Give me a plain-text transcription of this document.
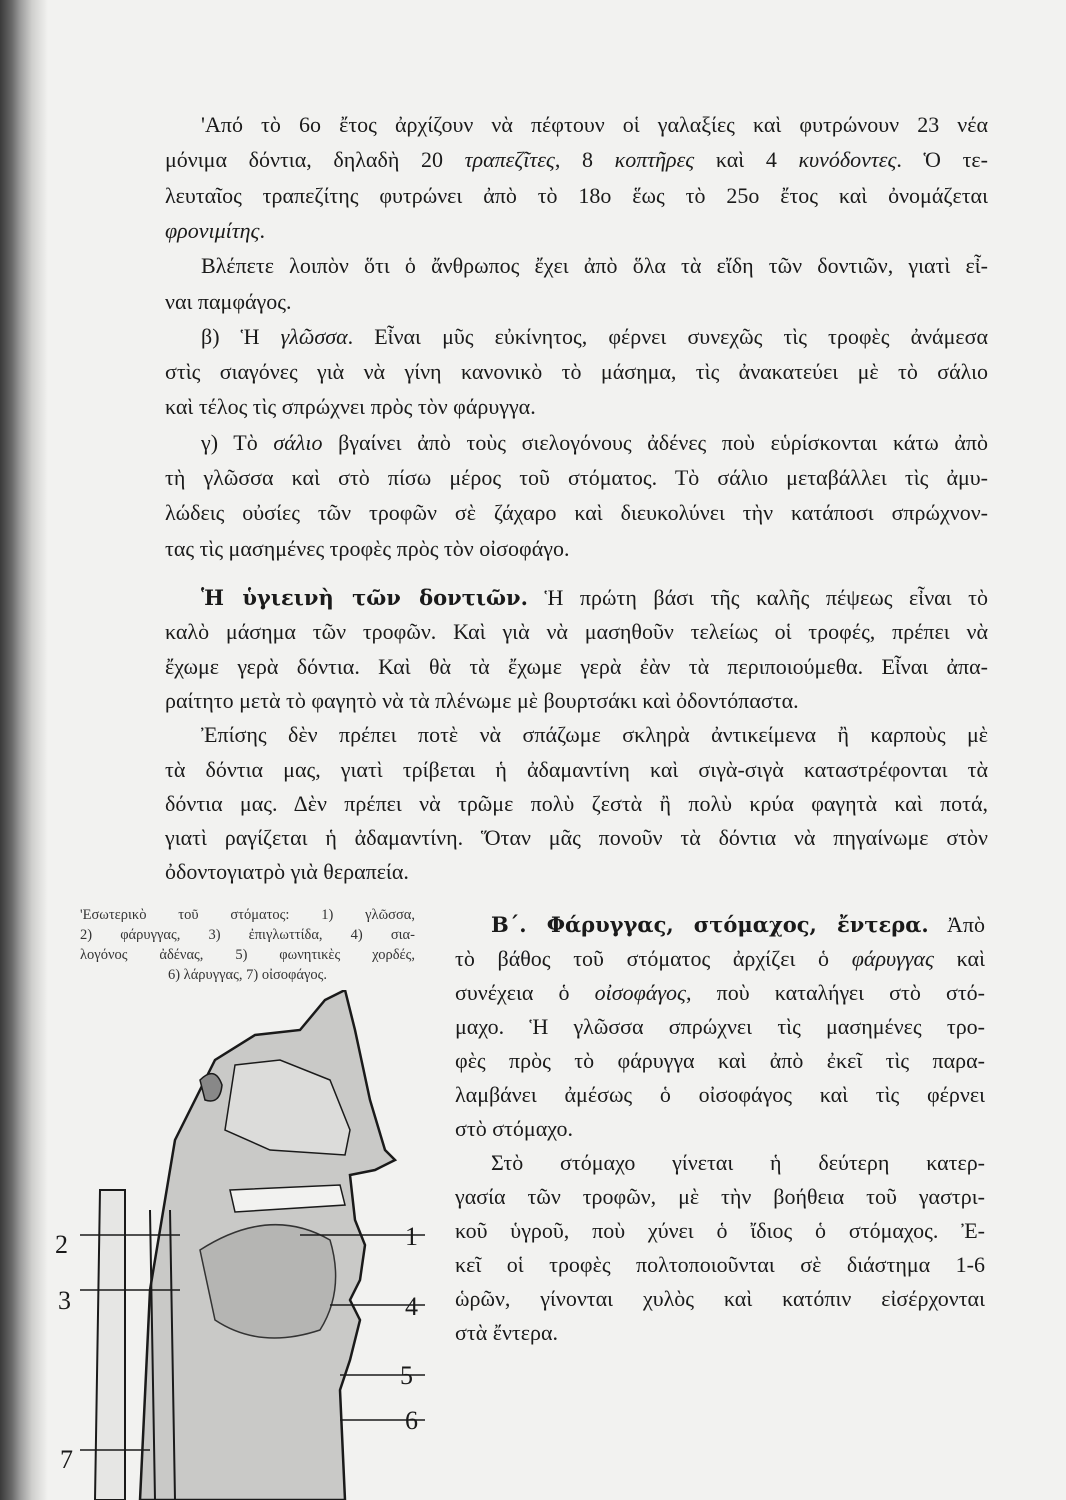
'Από τὸ 6ο ἔτος ἀρχίζουν νὰ πέφτουν οἱ γαλαξίες καὶ φυτρώνουν 23 νέα
μόνιμα δόντια, δηλαδὴ 20 τραπεζῖτες, 8 κοπτῆρες καὶ 4 κυνόδοντες. Ὁ τε-
λευταῖος τραπεζίτης φυτρώνει ἀπὸ τὸ 18ο ἕως τὸ 25ο ἔτος καὶ ὀνομάζεται
φρονιμίτης.
Βλέπετε λοιπὸν ὅτι ὁ ἄνθρωπος ἔχει ἀπὸ ὅλα τὰ εἴδη τῶν δοντιῶν, γιατὶ εἶ-
ναι παμφάγος.
β) Ἡ γλῶσσα. Εἶναι μῦς εὐκίνητος, φέρνει συνεχῶς τὶς τροφὲς ἀνάμεσα
στὶς σιαγόνες γιὰ νὰ γίνη κανονικὸ τὸ μάσημα, τὶς ἀνακατεύει μὲ τὸ σάλιο
καὶ τέλος τὶς σπρώχνει πρὸς τὸν φάρυγγα.
γ) Τὸ σάλιο βγαίνει ἀπὸ τοὺς σιελογόνους ἀδένες ποὺ εὑρίσκονται κάτω ἀπὸ
τὴ γλῶσσα καὶ στὸ πίσω μέρος τοῦ στόματος. Τὸ σάλιο μεταβάλλει τὶς ἀμυ-
λώδεις οὐσίες τῶν τροφῶν σὲ ζάχαρο καὶ διευκολύνει τὴν κατάποσι σπρώχνον-
τας τὶς μασημένες τροφὲς πρὸς τὸν οἰσοφάγο.
Ἡ ὑγιεινὴ τῶν δοντιῶν. Ἡ πρώτη βάσι τῆς καλῆς πέψεως εἶναι τὸ
καλὸ μάσημα τῶν τροφῶν. Καὶ γιὰ νὰ μασηθοῦν τελείως οἱ τροφές, πρέπει νὰ
ἔχωμε γερὰ δόντια. Καὶ θὰ τὰ ἔχωμε γερὰ ἐὰν τὰ περιποιούμεθα. Εἶναι ἀπα-
ραίτητο μετὰ τὸ φαγητὸ νὰ τὰ πλένωμε μὲ βουρτσάκι καὶ ὀδοντόπαστα.
Ἐπίσης δὲν πρέπει ποτὲ νὰ σπάζωμε σκληρὰ ἀντικείμενα ἢ καρποὺς μὲ
τὰ δόντια μας, γιατὶ τρίβεται ἡ ἀδαμαντίνη καὶ σιγὰ-σιγὰ καταστρέφονται τὰ
δόντια μας. Δὲν πρέπει νὰ τρῶμε πολὺ ζεστὰ ἢ πολὺ κρύα φαγητὰ καὶ ποτά,
γιατὶ ραγίζεται ἡ ἀδαμαντίνη. Ὅταν μᾶς πονοῦν τὰ δόντια νὰ πηγαίνωμε στὸν
ὀδοντογιατρὸ γιὰ θεραπεία.
Β΄. Φάρυγγας, στόμαχος, ἔντερα. Ἀπὸ
τὸ βάθος τοῦ στόματος ἀρχίζει ὁ φάρυγγας καὶ
συνέχεια ὁ οἰσοφάγος, ποὺ καταλήγει στὸ στό-
μαχο. Ἡ γλῶσσα σπρώχνει τὶς μασημένες τρο-
φὲς πρὸς τὸ φάρυγγα καὶ ἀπὸ ἐκεῖ τὶς παρα-
λαμβάνει ἀμέσως ὁ οἰσοφάγος καὶ τὶς φέρνει
στὸ στόμαχο.
Στὸ στόμαχο γίνεται ἡ δεύτερη κατερ-
γασία τῶν τροφῶν, μὲ τὴν βοήθεια τοῦ γαστρι-
κοῦ ὑγροῦ, ποὺ χύνει ὁ ἴδιος ὁ στόμαχος. Ἐ-
κεῖ οἱ τροφὲς πολτοποιοῦνται σὲ διάστημα 1-6
ὡρῶν, γίνονται χυλὸς καὶ κατόπιν εἰσέρχονται
στὰ ἔντερα.
'Εσωτερικὸ τοῦ στόματος: 1) γλῶσσα,
2) φάρυγγας, 3) ἐπιγλωττίδα, 4) σια-
λογόνος ἀδένας, 5) φωνητικὲς χορδές,
6) λάρυγγας, 7) οἰσοφάγος.
2
3
7
1
4
5
6
